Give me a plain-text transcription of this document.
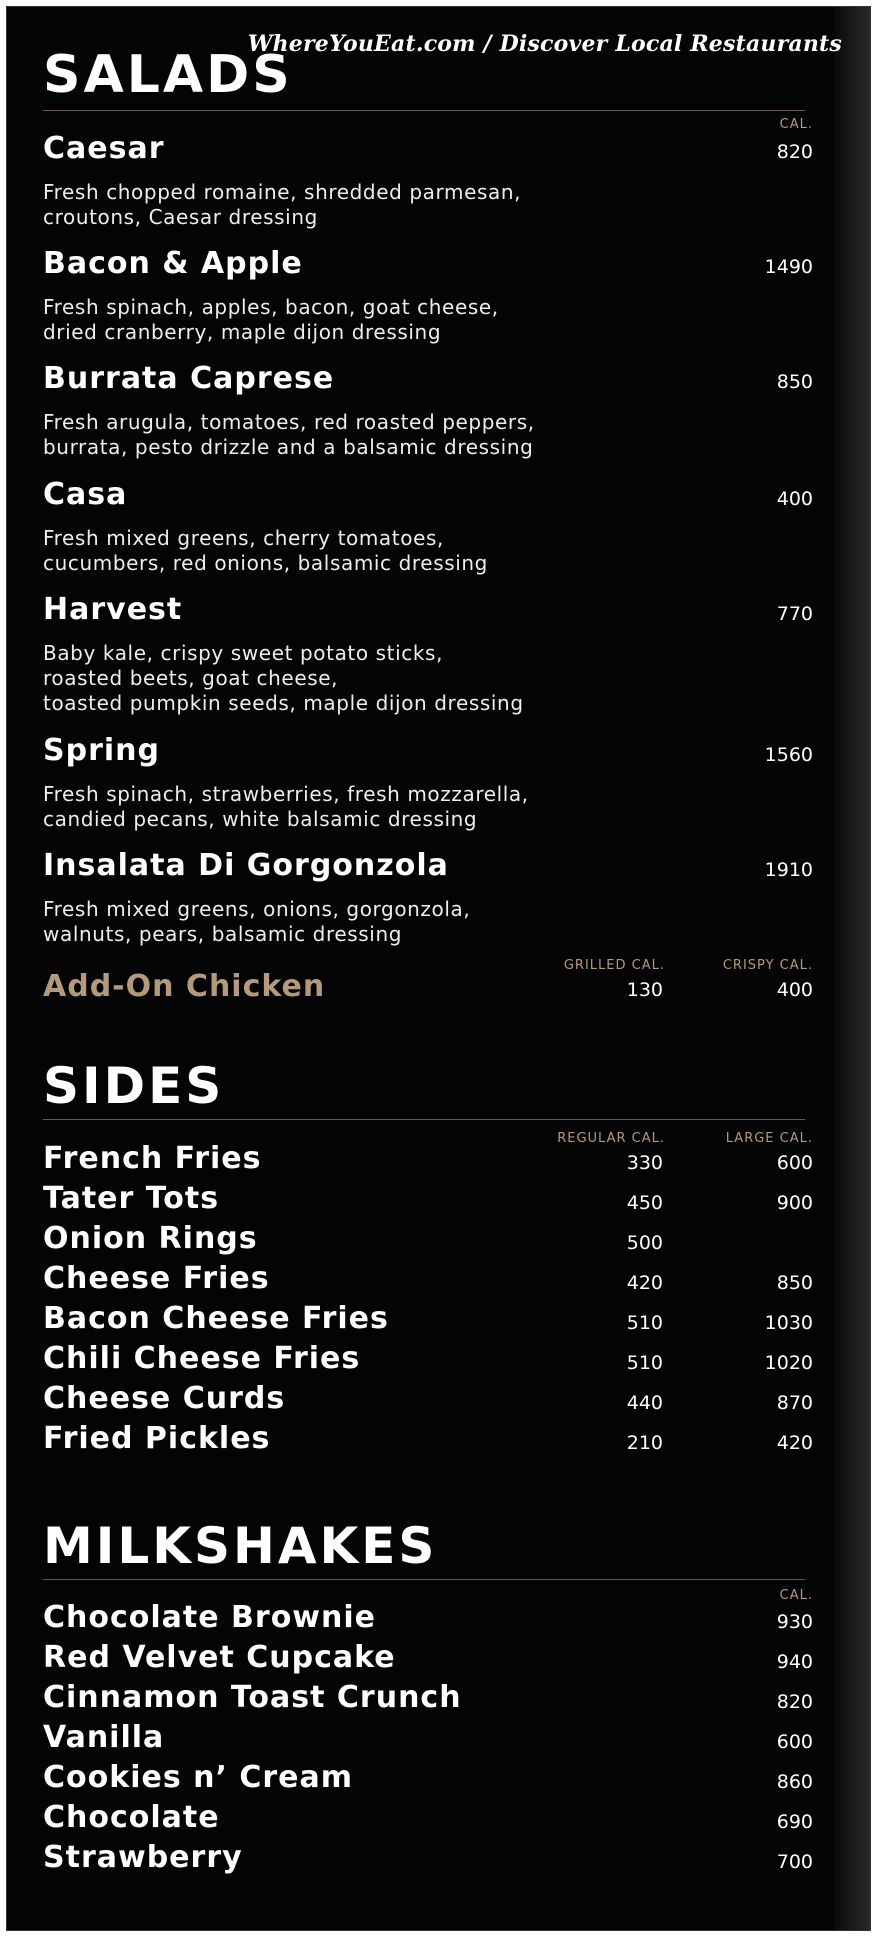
WhereYouEat.com / Discover Local Restaurants
SALADS
CAL.
Caesar	820
Fresh chopped romaine, shredded parmesan,
croutons, Caesar dressing
Bacon & Apple	1490
Fresh spinach, apples, bacon, goat cheese,
dried cranberry, maple dijon dressing
Burrata Caprese	850
Fresh arugula, tomatoes, red roasted peppers,
burrata, pesto drizzle and a balsamic dressing
Casa	400
Fresh mixed greens, cherry tomatoes,
cucumbers, red onions, balsamic dressing
Harvest	770
Baby kale, crispy sweet potato sticks,
roasted beets, goat cheese,
toasted pumpkin seeds, maple dijon dressing
Spring	1560
Fresh spinach, strawberries, fresh mozzarella,
candied pecans, white balsamic dressing
Insalata Di Gorgonzola	1910
Fresh mixed greens, onions, gorgonzola,
walnuts, pears, balsamic dressing
GRILLED CAL.	CRISPY CAL.
Add-On Chicken	130	400
SIDES
REGULAR CAL.	LARGE CAL.
French Fries	330	600
Tater Tots	450	900
Onion Rings	500
Cheese Fries	420	850
Bacon Cheese Fries	510	1030
Chili Cheese Fries	510	1020
Cheese Curds	440	870
Fried Pickles	210	420
MILKSHAKES
CAL.
Chocolate Brownie	930
Red Velvet Cupcake	940
Cinnamon Toast Crunch	820
Vanilla	600
Cookies n’ Cream	860
Chocolate	690
Strawberry	700
